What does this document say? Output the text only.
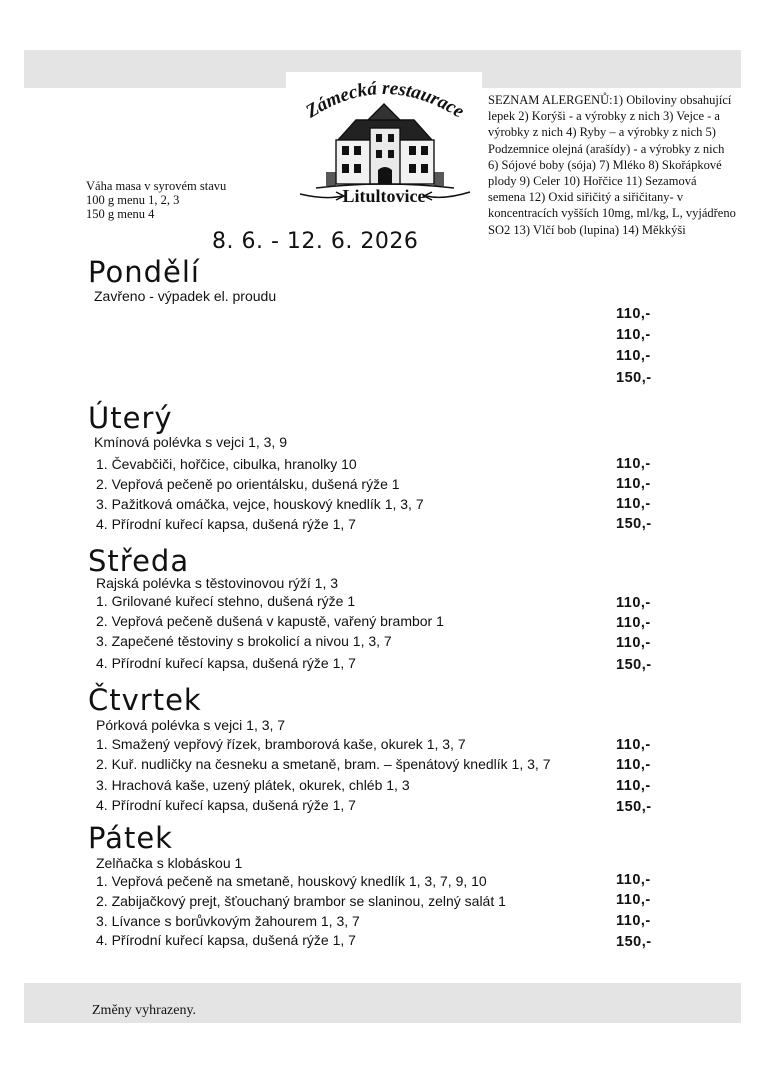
Zámecká restaurace
Litultovice
Váha masa v syrovém stavu
100 g menu 1, 2, 3
150 g menu 4
8. 6. - 12. 6. 2026
SEZNAM ALERGENŮ:1) Obiloviny obsahující lepek 2) Korýši - a výrobky z nich 3) Vejce - a výrobky z nich 4) Ryby – a výrobky z nich 5) Podzemnice olejná (arašídy) - a výrobky z nich 6) Sójové boby (sója) 7) Mléko 8) Skořápkové plody 9) Celer 10) Hořčice 11) Sezamová semena 12) Oxid siřičitý a siřičitany- v koncentracích vyšších 10mg, ml/kg, L, vyjádřeno SO2 13) Vlčí bob (lupina) 14) Měkkýši
Pondělí
Zavřeno - výpadek el. proudu
110,-
110,-
110,-
150,-
Úterý
Kmínová polévka s vejci 1, 3, 9
1. Čevabčiči, hořčice, cibulka, hranolky 10
2. Vepřová pečeně po orientálsku, dušená rýže 1
3. Pažitková omáčka, vejce, houskový knedlík 1, 3, 7
4. Přírodní kuřecí kapsa, dušená rýže 1, 7
110,-
110,-
110,-
150,-
Středa
Rajská polévka s těstovinovou rýží 1, 3
1. Grilované kuřecí stehno, dušená rýže 1
2. Vepřová pečeně dušená v kapustě, vařený brambor 1
3. Zapečené těstoviny s brokolicí a nivou 1, 3, 7
4. Přírodní kuřecí kapsa, dušená rýže 1, 7
110,-
110,-
110,-
150,-
Čtvrtek
Pórková polévka s vejci 1, 3, 7
1. Smažený vepřový řízek, bramborová kaše, okurek 1, 3, 7
2. Kuř. nudličky na česneku a smetaně, bram. – špenátový knedlík 1, 3, 7
3. Hrachová kaše, uzený plátek, okurek, chléb 1, 3
4. Přírodní kuřecí kapsa, dušená rýže 1, 7
110,-
110,-
110,-
150,-
Pátek
Zelňačka s klobáskou 1
1. Vepřová pečeně na smetaně, houskový knedlík 1, 3, 7, 9, 10
2. Zabijačkový prejt, šťouchaný brambor se slaninou, zelný salát 1
3. Lívance s borůvkovým žahourem 1, 3, 7
4. Přírodní kuřecí kapsa, dušená rýže 1, 7
110,-
110,-
110,-
150,-
Změny vyhrazeny.
